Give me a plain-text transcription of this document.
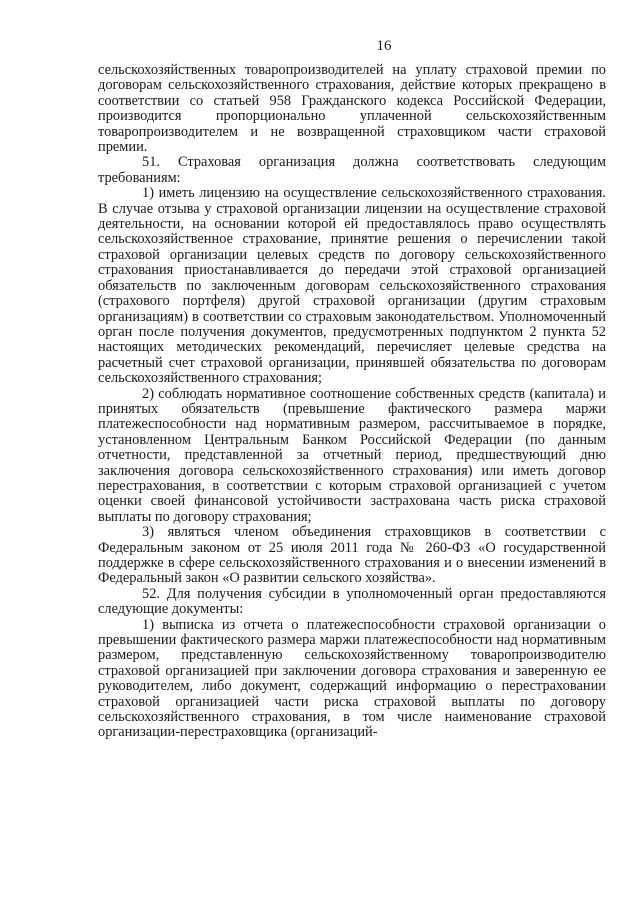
16

сельскохозяйственных товаропроизводителей на уплату страховой премии по договорам сельскохозяйственного страхования, действие которых прекращено в соответствии со статьей 958 Гражданского кодекса Российской Федерации, производится пропорционально уплаченной сельскохозяйственным товаропроизводителем и не возвращенной страховщиком части страховой премии.

51. Страховая организация должна соответствовать следующим требованиям:

1) иметь лицензию на осуществление сельскохозяйственного страхования. В случае отзыва у страховой организации лицензии на осуществление страховой деятельности, на основании которой ей предоставлялось право осуществлять сельскохозяйственное страхование, принятие решения о перечислении такой страховой организации целевых средств по договору сельскохозяйственного страхования приостанавливается до передачи этой страховой организацией обязательств по заключенным договорам сельскохозяйственного страхования (страхового портфеля) другой страховой организации (другим страховым организациям) в соответствии со страховым законодательством. Уполномоченный орган после получения документов, предусмотренных подпунктом 2 пункта 52 настоящих методических рекомендаций, перечисляет целевые средства на расчетный счет страховой организации, принявшей обязательства по договорам сельскохозяйственного страхования;

2) соблюдать нормативное соотношение собственных средств (капитала) и принятых обязательств (превышение фактического размера маржи платежеспособности над нормативным размером, рассчитываемое в порядке, установленном Центральным Банком Российской Федерации (по данным отчетности, представленной за отчетный период, предшествующий дню заключения договора сельскохозяйственного страхования) или иметь договор перестрахования, в соответствии с которым страховой организацией с учетом оценки своей финансовой устойчивости застрахована часть риска страховой выплаты по договору страхования;

3) являться членом объединения страховщиков в соответствии с Федеральным законом от 25 июля 2011 года № 260-ФЗ «О государственной поддержке в сфере сельскохозяйственного страхования и о внесении изменений в Федеральный закон «О развитии сельского хозяйства».

52. Для получения субсидии в уполномоченный орган предоставляются следующие документы:

1) выписка из отчета о платежеспособности страховой организации о превышении фактического размера маржи платежеспособности над нормативным размером, представленную сельскохозяйственному товаропроизводителю страховой организацией при заключении договора страхования и заверенную ее руководителем, либо документ, содержащий информацию о перестраховании страховой организацией части риска страховой выплаты по договору сельскохозяйственного страхования, в том числе наименование страховой организации-перестраховщика (организаций-
